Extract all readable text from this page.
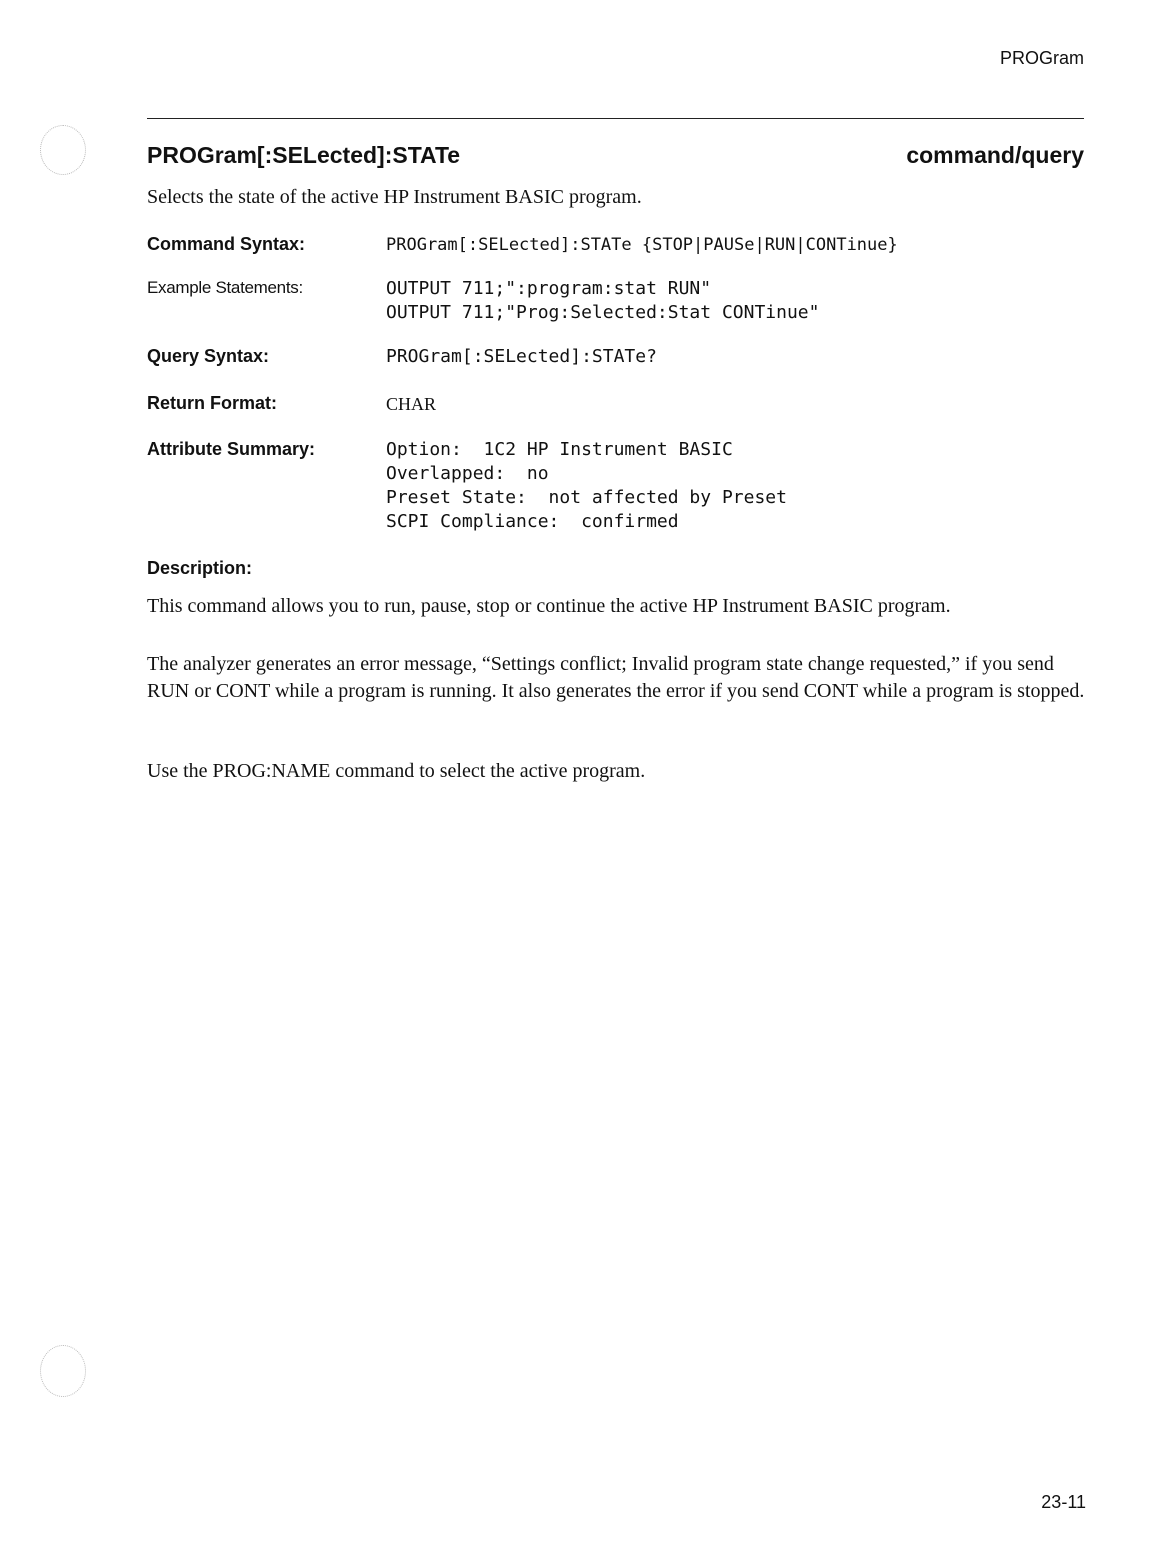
PROGram
PROGram[:SELected]:STATe	command/query
Selects the state of the active HP Instrument BASIC program.
Command Syntax:	PROGram[:SELected]:STATe {STOP|PAUSe|RUN|CONTinue}
Example Statements:	OUTPUT 711;":program:stat RUN"
OUTPUT 711;"Prog:Selected:Stat CONTinue"
Query Syntax:	PROGram[:SELected]:STATe?
Return Format:	CHAR
Attribute Summary:	Option:  1C2 HP Instrument BASIC
Overlapped:  no
Preset State:  not affected by Preset
SCPI Compliance:  confirmed
Description:
This command allows you to run, pause, stop or continue the active HP Instrument BASIC program.
The analyzer generates an error message, “Settings conflict; Invalid program state change requested,” if you send RUN or CONT while a program is running. It also generates the error if you send CONT while a program is stopped.
Use the PROG:NAME command to select the active program.
23-11
